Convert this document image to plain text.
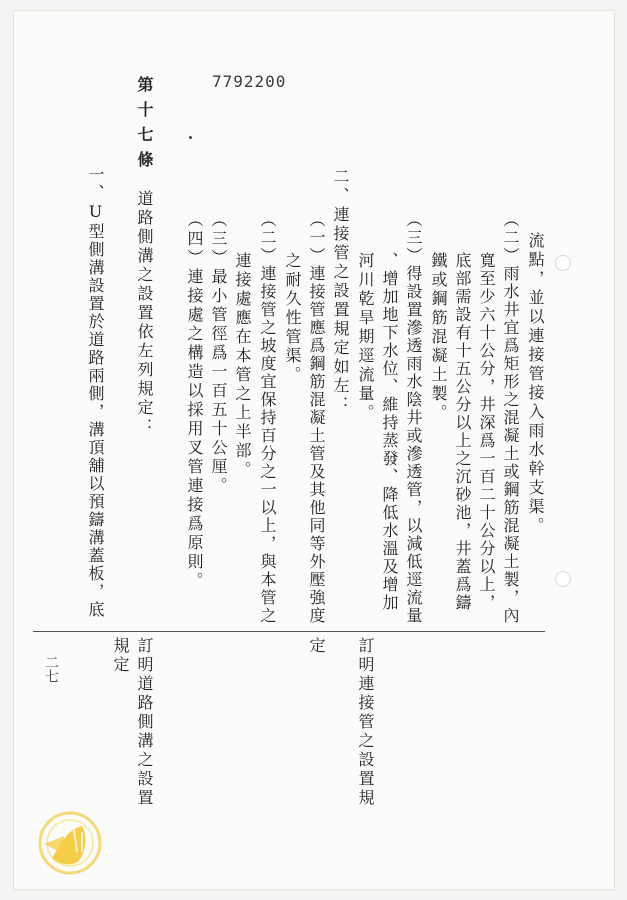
7792200
流點，並以連接管接入雨水幹支渠。
（二）雨水井宜爲矩形之混凝土或鋼筋混凝土製，內
寬至少六十公分，井深爲一百二十公分以上，
底部需設有十五公分以上之沉砂池，井蓋爲鑄
鐵或鋼筋混凝土製。
（三）得設置滲透雨水陰井或滲透管，以減低逕流量
、增加地下水位、維持蒸發、降低水溫及增加
河川乾旱期逕流量。
二、連接管之設置規定如左：
（一）連接管應爲鋼筋混凝土管及其他同等外壓強度
之耐久性管渠。
（二）連接管之坡度宜保持百分之一以上，與本管之
連接處應在本管之上半部。
（三）最小管徑爲一百五十公厘。
（四）連接處之構造以採用叉管連接爲原則。
第十七條
道路側溝之設置依左列規定：
一、U型側溝設置於道路兩側，溝頂舖以預鑄溝蓋板，底
訂明連接管之設置規
定
訂明道路側溝之設置
規定
二七
